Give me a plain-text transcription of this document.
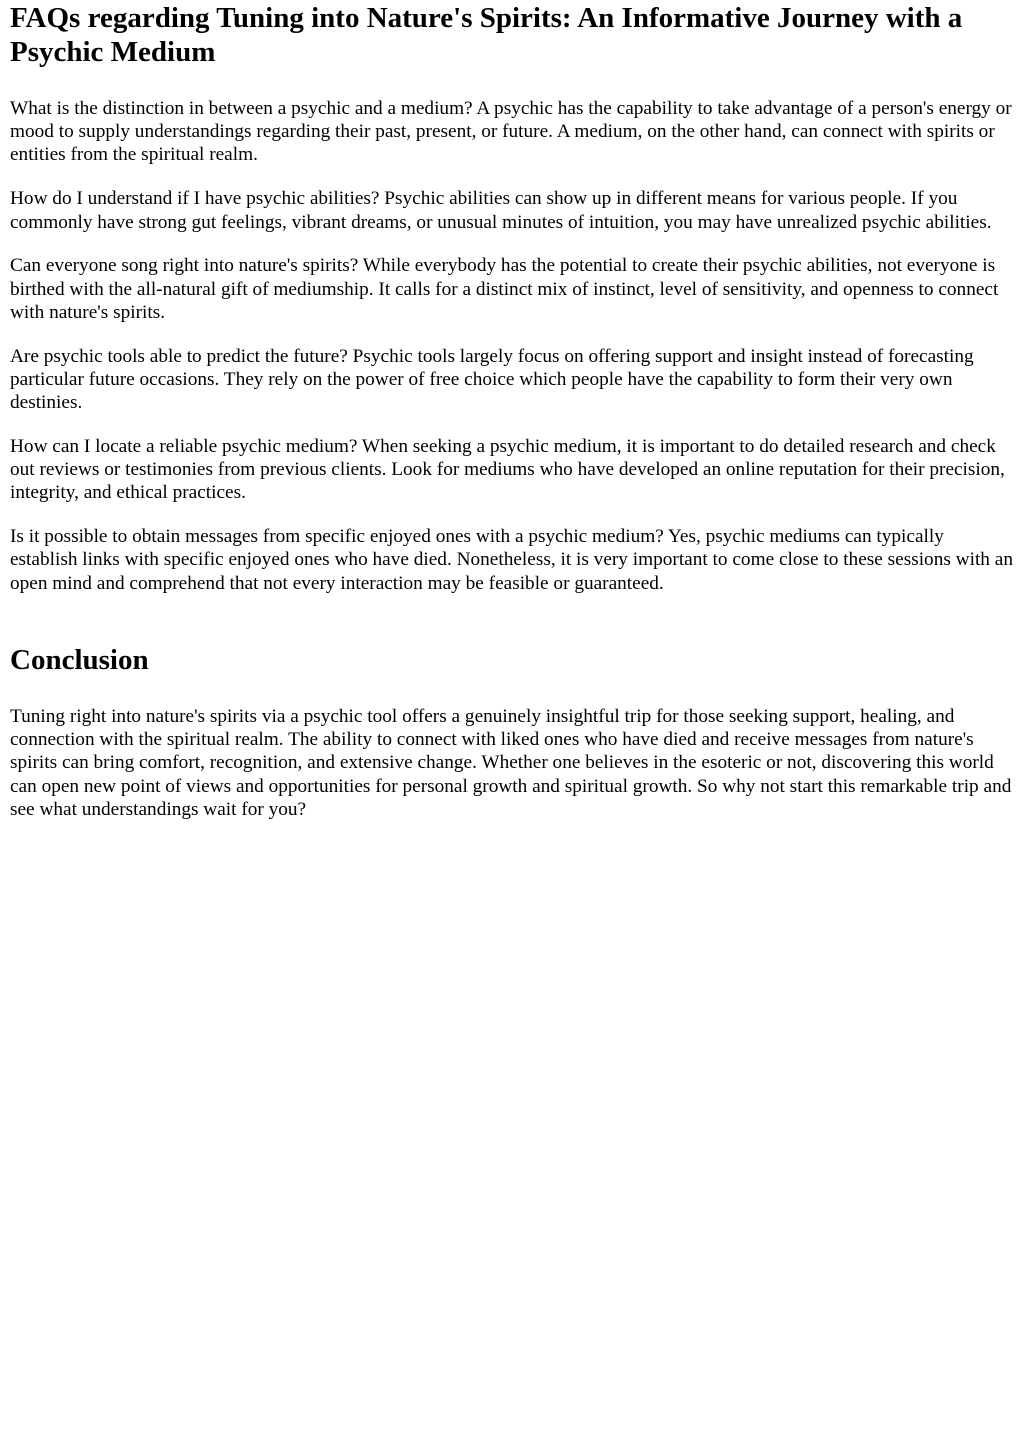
FAQs regarding Tuning into Nature's Spirits: An Informative Journey with a Psychic Medium

What is the distinction in between a psychic and a medium? A psychic has the capability to take advantage of a person's energy or mood to supply understandings regarding their past, present, or future. A medium, on the other hand, can connect with spirits or entities from the spiritual realm.

How do I understand if I have psychic abilities? Psychic abilities can show up in different means for various people. If you commonly have strong gut feelings, vibrant dreams, or unusual minutes of intuition, you may have unrealized psychic abilities.

Can everyone song right into nature's spirits? While everybody has the potential to create their psychic abilities, not everyone is birthed with the all-natural gift of mediumship. It calls for a distinct mix of instinct, level of sensitivity, and openness to connect with nature's spirits.

Are psychic tools able to predict the future? Psychic tools largely focus on offering support and insight instead of forecasting particular future occasions. They rely on the power of free choice which people have the capability to form their very own destinies.

How can I locate a reliable psychic medium? When seeking a psychic medium, it is important to do detailed research and check out reviews or testimonies from previous clients. Look for mediums who have developed an online reputation for their precision, integrity, and ethical practices.

Is it possible to obtain messages from specific enjoyed ones with a psychic medium? Yes, psychic mediums can typically establish links with specific enjoyed ones who have died. Nonetheless, it is very important to come close to these sessions with an open mind and comprehend that not every interaction may be feasible or guaranteed.

Conclusion

Tuning right into nature's spirits via a psychic tool offers a genuinely insightful trip for those seeking support, healing, and connection with the spiritual realm. The ability to connect with liked ones who have died and receive messages from nature's spirits can bring comfort, recognition, and extensive change. Whether one believes in the esoteric or not, discovering this world can open new point of views and opportunities for personal growth and spiritual growth. So why not start this remarkable trip and see what understandings wait for you?
